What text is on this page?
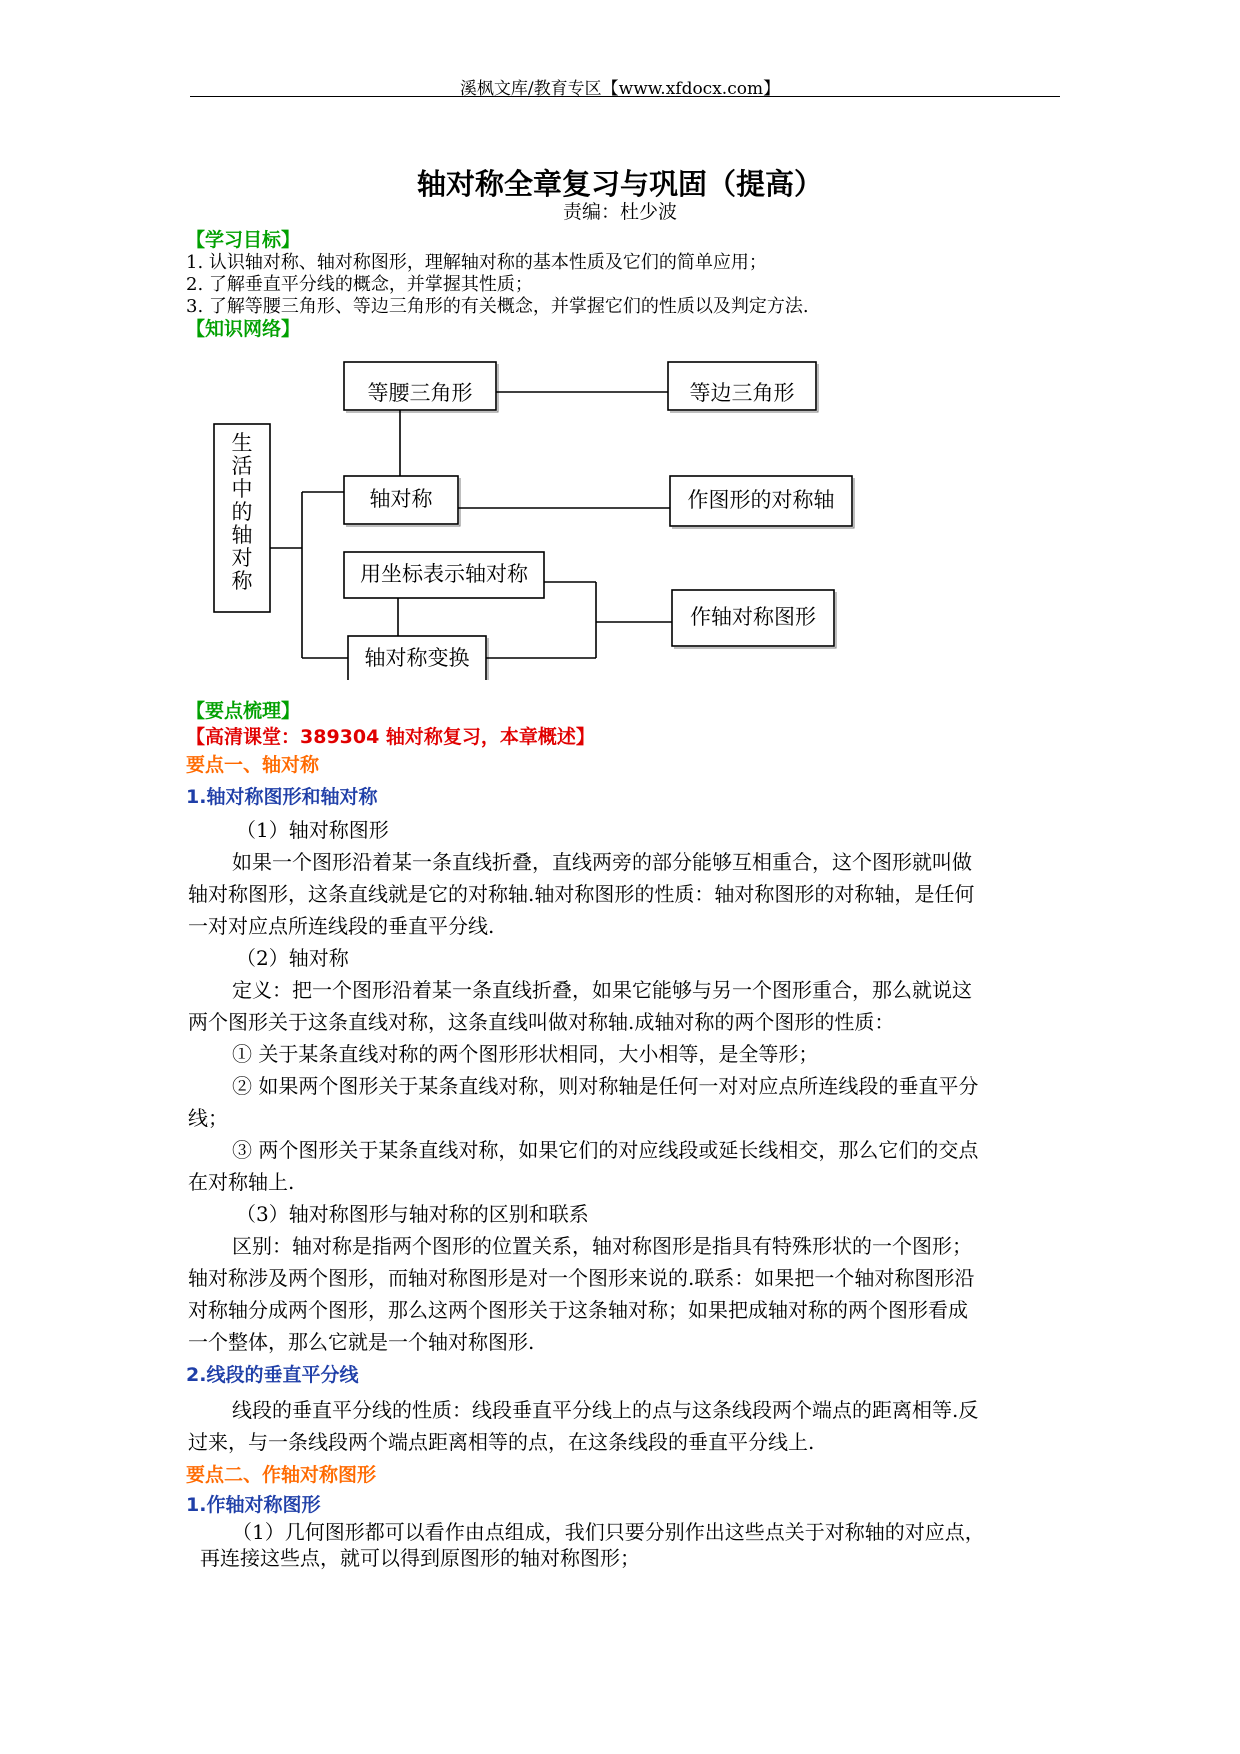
溪枫文库/教育专区【www.xfdocx.com】
轴对称全章复习与巩固（提高）
责编：杜少波
【学习目标】
1. 认识轴对称、轴对称图形，理解轴对称的基本性质及它们的简单应用；
2. 了解垂直平分线的概念，并掌握其性质；
3. 了解等腰三角形、等边三角形的有关概念，并掌握它们的性质以及判定方法.
【知识网络】
等腰三角形	等边三角形
轴对称	作图形的对称轴
用坐标表示轴对称
作轴对称图形
轴对称变换
生
活
中
的
轴
对
称
【要点梳理】
【高清课堂：389304 轴对称复习，本章概述】
要点一、轴对称
1.轴对称图形和轴对称
（1）轴对称图形
如果一个图形沿着某一条直线折叠，直线两旁的部分能够互相重合，这个图形就叫做
轴对称图形，这条直线就是它的对称轴.轴对称图形的性质：轴对称图形的对称轴，是任何
一对对应点所连线段的垂直平分线.
（2）轴对称
定义：把一个图形沿着某一条直线折叠，如果它能够与另一个图形重合，那么就说这
两个图形关于这条直线对称，这条直线叫做对称轴.成轴对称的两个图形的性质：
① 关于某条直线对称的两个图形形状相同，大小相等，是全等形；
② 如果两个图形关于某条直线对称，则对称轴是任何一对对应点所连线段的垂直平分
线；
③ 两个图形关于某条直线对称，如果它们的对应线段或延长线相交，那么它们的交点
在对称轴上.
（3）轴对称图形与轴对称的区别和联系
区别：轴对称是指两个图形的位置关系，轴对称图形是指具有特殊形状的一个图形；
轴对称涉及两个图形，而轴对称图形是对一个图形来说的.联系：如果把一个轴对称图形沿
对称轴分成两个图形，那么这两个图形关于这条轴对称；如果把成轴对称的两个图形看成
一个整体，那么它就是一个轴对称图形.
2.线段的垂直平分线
线段的垂直平分线的性质：线段垂直平分线上的点与这条线段两个端点的距离相等.反
过来，与一条线段两个端点距离相等的点，在这条线段的垂直平分线上.
要点二、作轴对称图形
1.作轴对称图形
（1）几何图形都可以看作由点组成，我们只要分别作出这些点关于对称轴的对应点，
再连接这些点，就可以得到原图形的轴对称图形；
